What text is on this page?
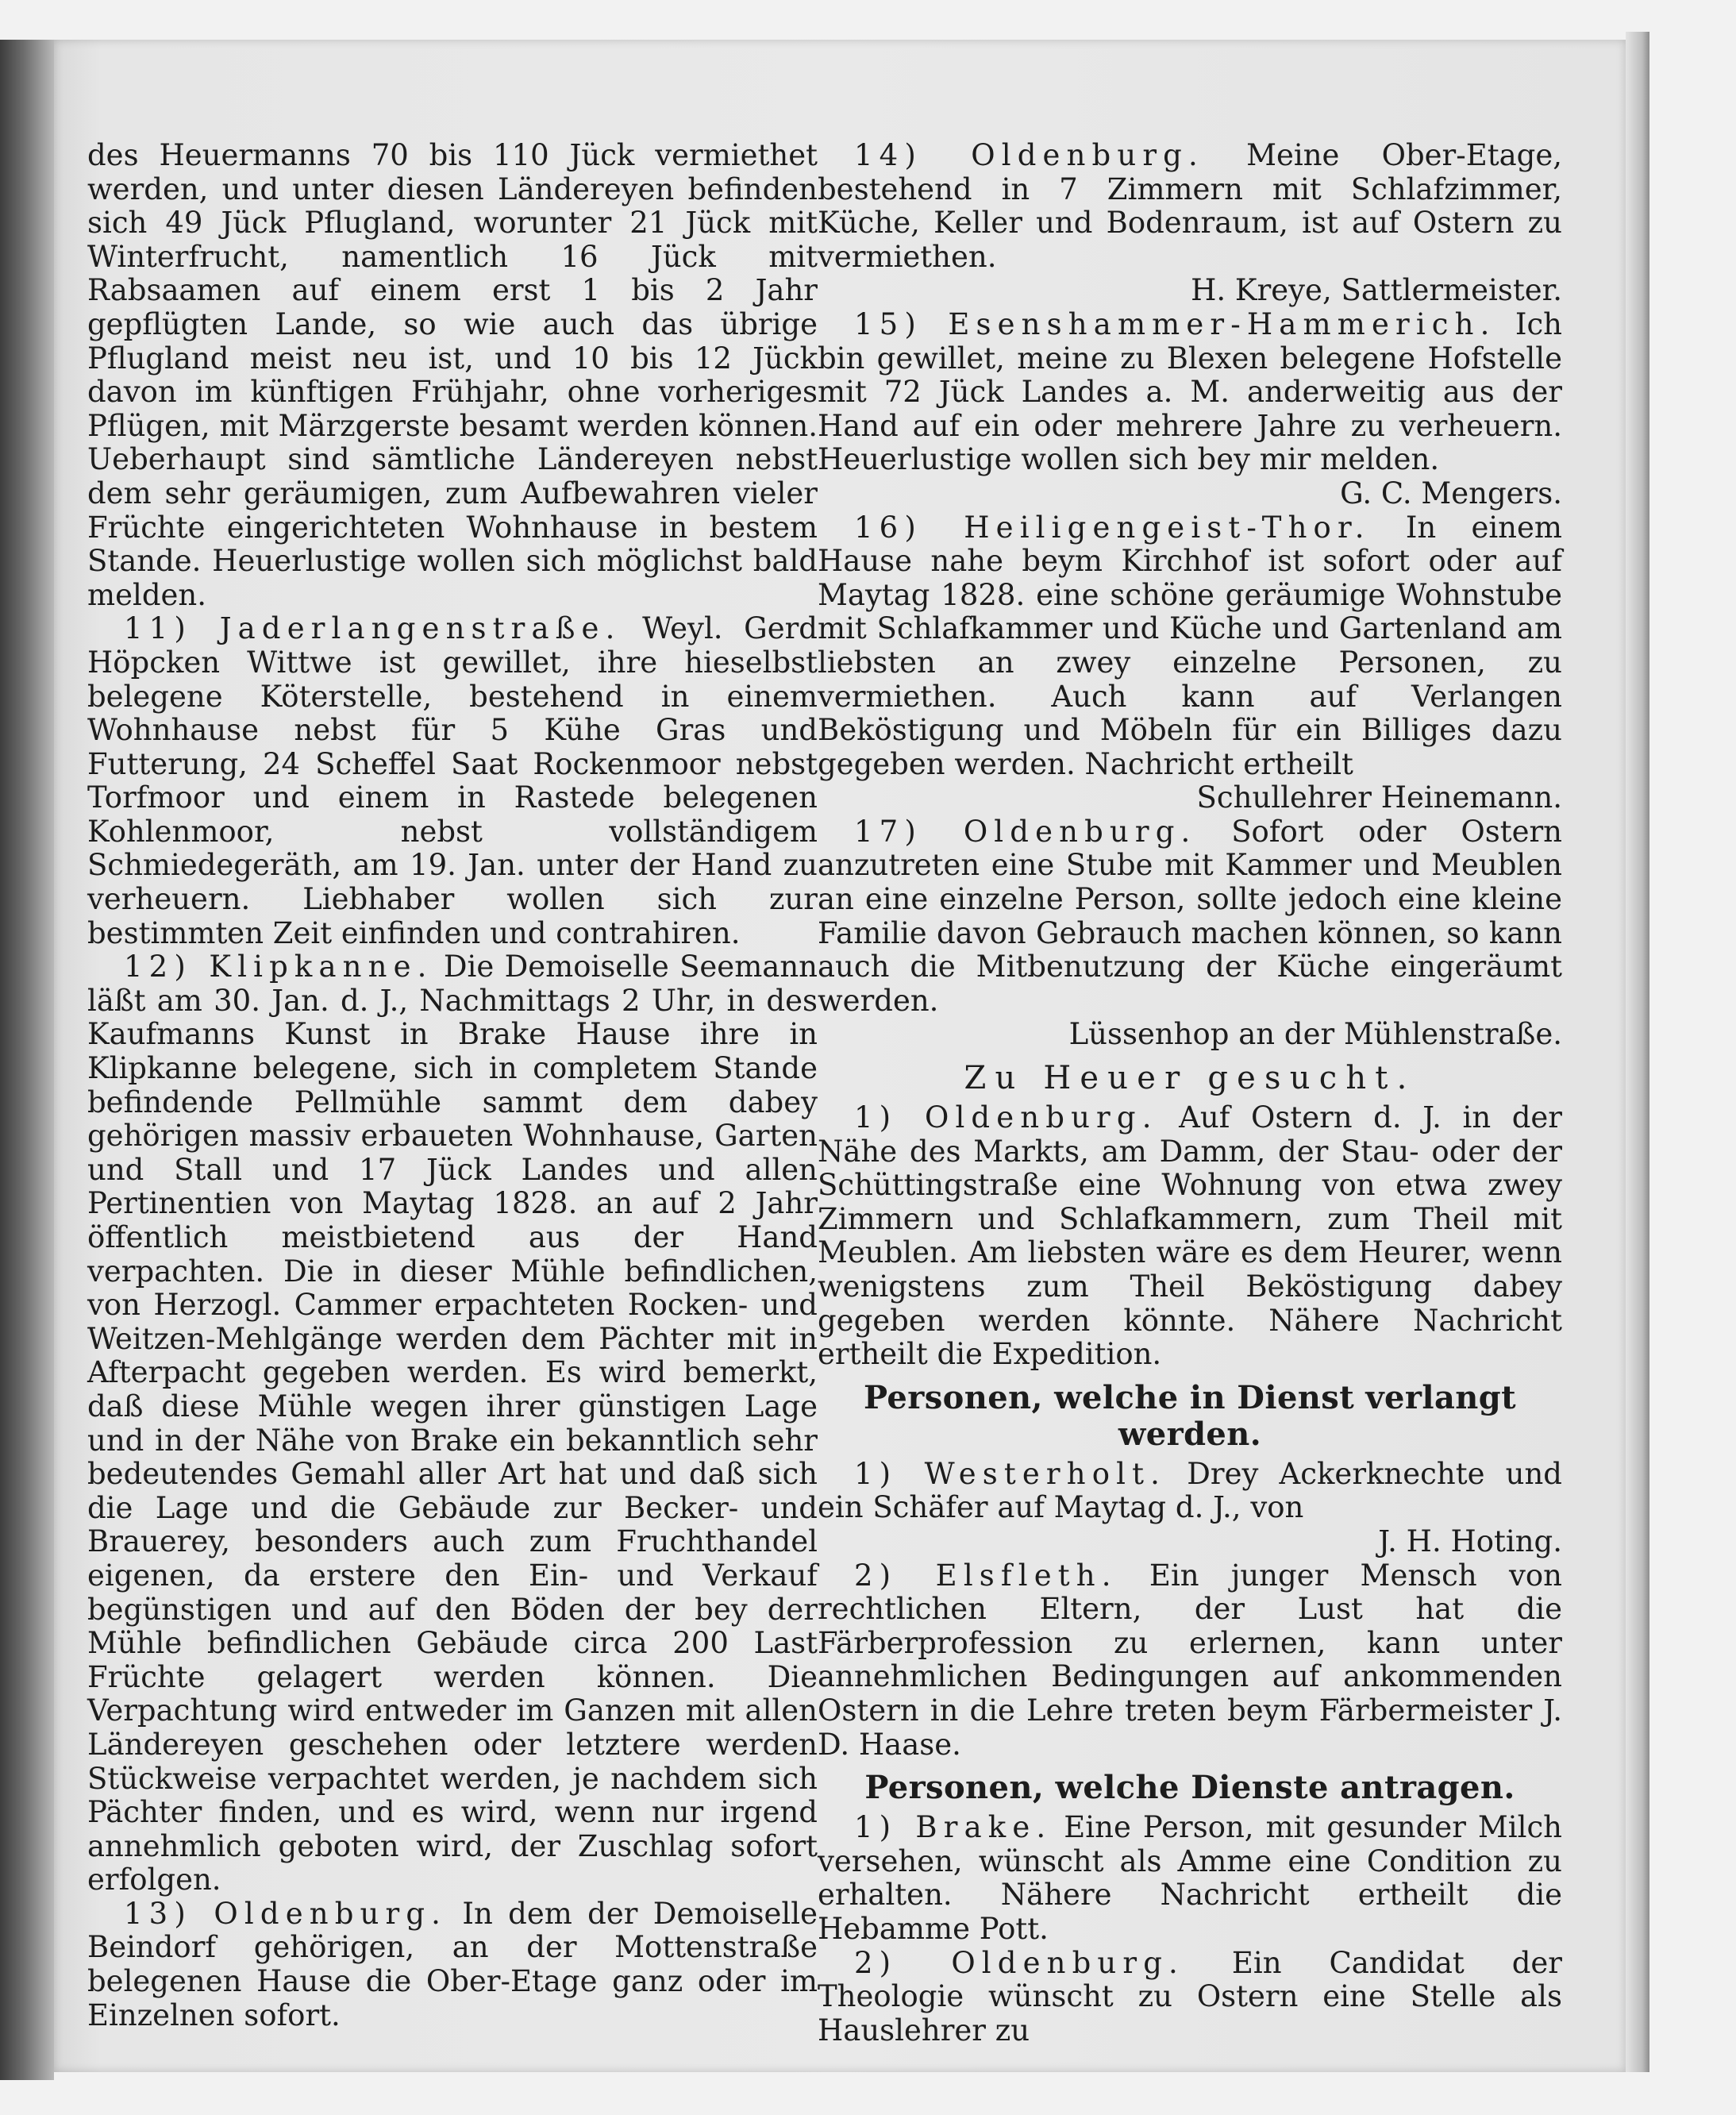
des Heuermanns 70 bis 110 Jück vermiethet werden, und unter diesen Ländereyen befinden sich 49 Jück Pflugland, worunter 21 Jück mit Winterfrucht, namentlich 16 Jück mit Rabsaamen auf einem erst 1 bis 2 Jahr gepflügten Lande, so wie auch das übrige Pflugland meist neu ist, und 10 bis 12 Jück davon im künftigen Frühjahr, ohne vorheriges Pflügen, mit Märzgerste besamt werden können. Ueberhaupt sind sämtliche Ländereyen nebst dem sehr geräumigen, zum Aufbewahren vieler Früchte eingerichteten Wohnhause in bestem Stande. Heuerlustige wollen sich möglichst bald melden.

11) Jaderlangenstraße. Weyl. Gerd Höpcken Wittwe ist gewillet, ihre hieselbst belegene Köterstelle, bestehend in einem Wohnhause nebst für 5 Kühe Gras und Futterung, 24 Scheffel Saat Rockenmoor nebst Torfmoor und einem in Rastede belegenen Kohlenmoor, nebst vollständigem Schmiedegeräth, am 19. Jan. unter der Hand zu verheuern. Liebhaber wollen sich zur bestimmten Zeit einfinden und contrahiren.

12) Klipkanne. Die Demoiselle Seemann läßt am 30. Jan. d. J., Nachmittags 2 Uhr, in des Kaufmanns Kunst in Brake Hause ihre in Klipkanne belegene, sich in completem Stande befindende Pellmühle sammt dem dabey gehörigen massiv erbaueten Wohnhause, Garten und Stall und 17 Jück Landes und allen Pertinentien von Maytag 1828. an auf 2 Jahr öffentlich meistbietend aus der Hand verpachten. Die in dieser Mühle befindlichen, von Herzogl. Cammer erpachteten Rocken- und Weitzen-Mehlgänge werden dem Pächter mit in Afterpacht gegeben werden. Es wird bemerkt, daß diese Mühle wegen ihrer günstigen Lage und in der Nähe von Brake ein bekanntlich sehr bedeutendes Gemahl aller Art hat und daß sich die Lage und die Gebäude zur Becker- und Brauerey, besonders auch zum Fruchthandel eigenen, da erstere den Ein- und Verkauf begünstigen und auf den Böden der bey der Mühle befindlichen Gebäude circa 200 Last Früchte gelagert werden können. Die Verpachtung wird entweder im Ganzen mit allen Ländereyen geschehen oder letztere werden Stückweise verpachtet werden, je nachdem sich Pächter finden, und es wird, wenn nur irgend annehmlich geboten wird, der Zuschlag sofort erfolgen.

13) Oldenburg. In dem der Demoiselle Beindorf gehörigen, an der Mottenstraße belegenen Hause die Ober-Etage ganz oder im Einzelnen sofort.

14) Oldenburg. Meine Ober-Etage, bestehend in 7 Zimmern mit Schlafzimmer, Küche, Keller und Bodenraum, ist auf Ostern zu vermiethen.

H. Kreye, Sattlermeister.

15) Esenshammer-Hammerich. Ich bin gewillet, meine zu Blexen belegene Hofstelle mit 72 Jück Landes a. M. anderweitig aus der Hand auf ein oder mehrere Jahre zu verheuern. Heuerlustige wollen sich bey mir melden.

G. C. Mengers.

16) Heiligengeist-Thor. In einem Hause nahe beym Kirchhof ist sofort oder auf Maytag 1828. eine schöne geräumige Wohnstube mit Schlafkammer und Küche und Gartenland am liebsten an zwey einzelne Personen, zu vermiethen. Auch kann auf Verlangen Beköstigung und Möbeln für ein Billiges dazu gegeben werden. Nachricht ertheilt

Schullehrer Heinemann.

17) Oldenburg. Sofort oder Ostern anzutreten eine Stube mit Kammer und Meublen an eine einzelne Person, sollte jedoch eine kleine Familie davon Gebrauch machen können, so kann auch die Mitbenutzung der Küche eingeräumt werden.

Lüssenhop an der Mühlenstraße.

Zu Heuer gesucht.

1) Oldenburg. Auf Ostern d. J. in der Nähe des Markts, am Damm, der Stau- oder der Schüttingstraße eine Wohnung von etwa zwey Zimmern und Schlafkammern, zum Theil mit Meublen. Am liebsten wäre es dem Heurer, wenn wenigstens zum Theil Beköstigung dabey gegeben werden könnte. Nähere Nachricht ertheilt die Expedition.

Personen, welche in Dienst verlangt werden.

1) Westerholt. Drey Ackerknechte und ein Schäfer auf Maytag d. J., von

J. H. Hoting.

2) Elsfleth. Ein junger Mensch von rechtlichen Eltern, der Lust hat die Färberprofession zu erlernen, kann unter annehmlichen Bedingungen auf ankommenden Ostern in die Lehre treten beym Färbermeister J. D. Haase.

Personen, welche Dienste antragen.

1) Brake. Eine Person, mit gesunder Milch versehen, wünscht als Amme eine Condition zu erhalten. Nähere Nachricht ertheilt die Hebamme Pott.

2) Oldenburg. Ein Candidat der Theologie wünscht zu Ostern eine Stelle als Hauslehrer zu
